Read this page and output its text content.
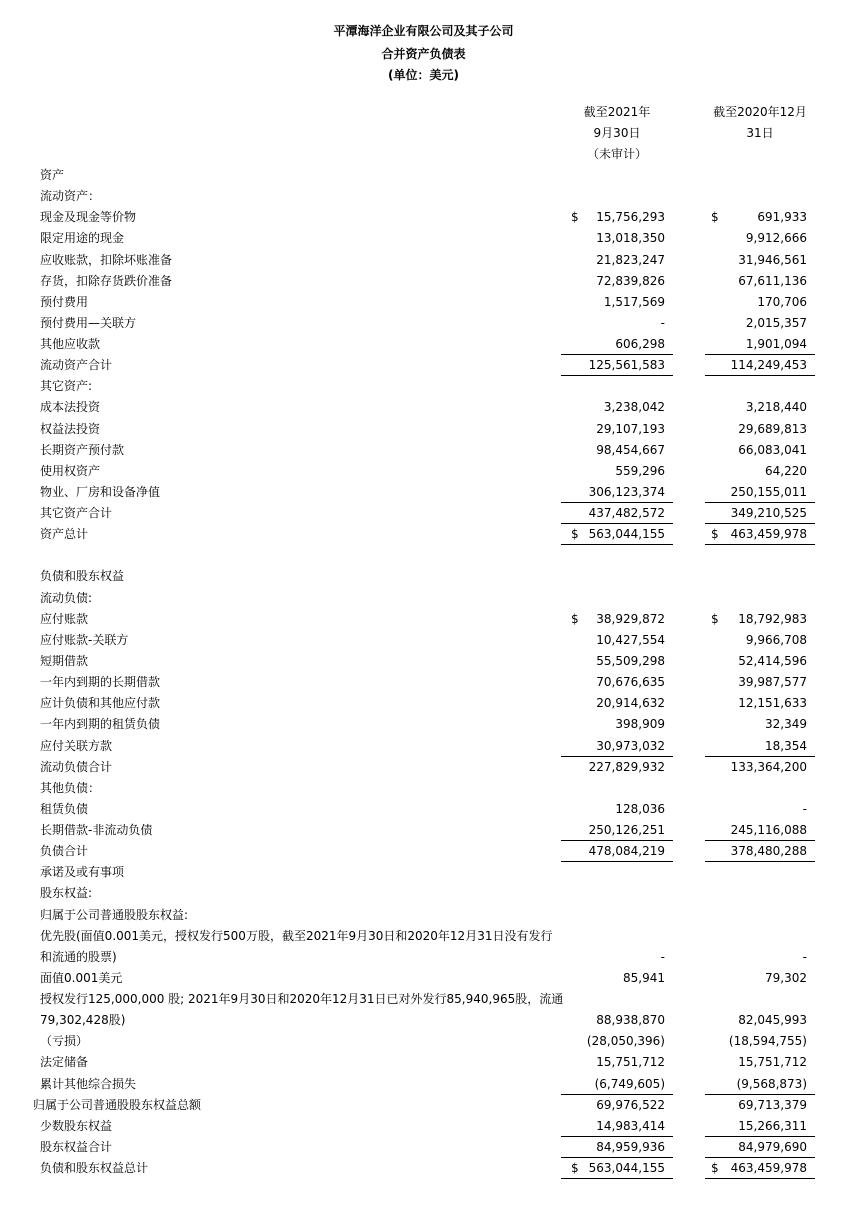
平潭海洋企业有限公司及其子公司
合并资产负债表
(单位：美元)
截至2021年
9月30日
（未审计）
截至2020年12月
31日
资产
流动资产：
现金及现金等价物	$	15,756,293	$	691,933
限定用途的现金	13,018,350	9,912,666
应收账款，扣除坏账准备	21,823,247	31,946,561
存货，扣除存货跌价准备	72,839,826	67,611,136
预付费用	1,517,569	170,706
预付费用—关联方	-	2,015,357
其他应收款	606,298	1,901,094
流动资产合计	125,561,583	114,249,453
其它资产:
成本法投资	3,238,042	3,218,440
权益法投资	29,107,193	29,689,813
长期资产预付款	98,454,667	66,083,041
使用权资产	559,296	64,220
物业、厂房和设备净值	306,123,374	250,155,011
其它资产合计	437,482,572	349,210,525
资产总计	$ 563,044,155	$	463,459,978
负债和股东权益
流动负债:
应付账款	$	38,929,872	$	18,792,983
应付账款-关联方	10,427,554	9,966,708
短期借款	55,509,298	52,414,596
一年内到期的长期借款	70,676,635	39,987,577
应计负债和其他应付款	20,914,632	12,151,633
一年内到期的租赁负债	398,909	32,349
应付关联方款	30,973,032	18,354
流动负债合计	227,829,932	133,364,200
其他负债：
租赁负债	128,036	-
长期借款-非流动负债	250,126,251	245,116,088
负债合计	478,084,219	378,480,288
承诺及或有事项
股东权益:
归属于公司普通股股东权益:
优先股(面值0.001美元，授权发行500万股，截至2021年9月30日和2020年12月31日没有发行
和流通的股票)	-	-
面值0.001美元	85,941	79,302
授权发行125,000,000 股; 2021年9月30日和2020年12月31日已对外发行85,940,965股，流通
79,302,428股)	88,938,870	82,045,993
（亏损）	(28,050,396)	(18,594,755)
法定储备	15,751,712	15,751,712
累计其他综合损失	(6,749,605)	(9,568,873)
归属于公司普通股股东权益总额	69,976,522	69,713,379
少数股东权益	14,983,414	15,266,311
股东权益合计	84,959,936	84,979,690
负债和股东权益总计	$ 563,044,155	$	463,459,978
